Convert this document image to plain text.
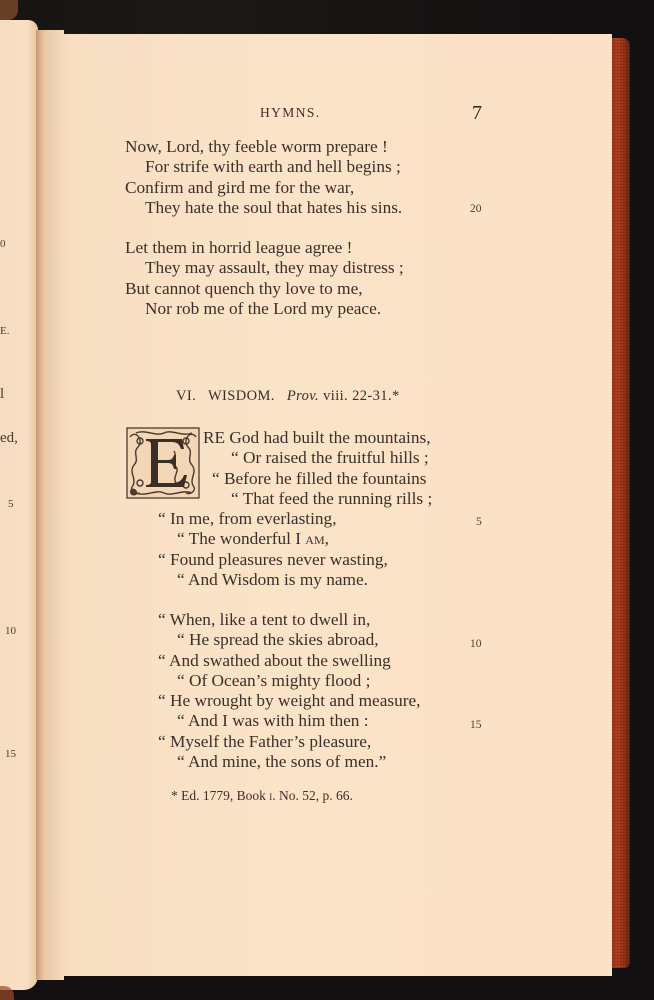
0
E.
l
ed,
5
10
15
HYMNS.	7
Now, Lord, thy feeble worm prepare !
For strife with earth and hell begins ;
Confirm and gird me for the war,
They hate the soul that hates his sins.	20
Let them in horrid league agree !
They may assault, they may distress ;
But cannot quench thy love to me,
Nor rob me of the Lord my peace.
VI. WISDOM. Prov. viii. 22-31.*
RE God had built the mountains,
“ Or raised the fruitful hills ;
“ Before he filled the fountains
“ That feed the running rills ;
“ In me, from everlasting,
“ The wonderful I am,
“ Found pleasures never wasting,
“ And Wisdom is my name.
5
“ When, like a tent to dwell in,
“ He spread the skies abroad,
“ And swathed about the swelling
“ Of Ocean’s mighty flood ;
“ He wrought by weight and measure,
“ And I was with him then :
“ Myself the Father’s pleasure,
“ And mine, the sons of men.”
10
15
* Ed. 1779, Book i. No. 52, p. 66.
